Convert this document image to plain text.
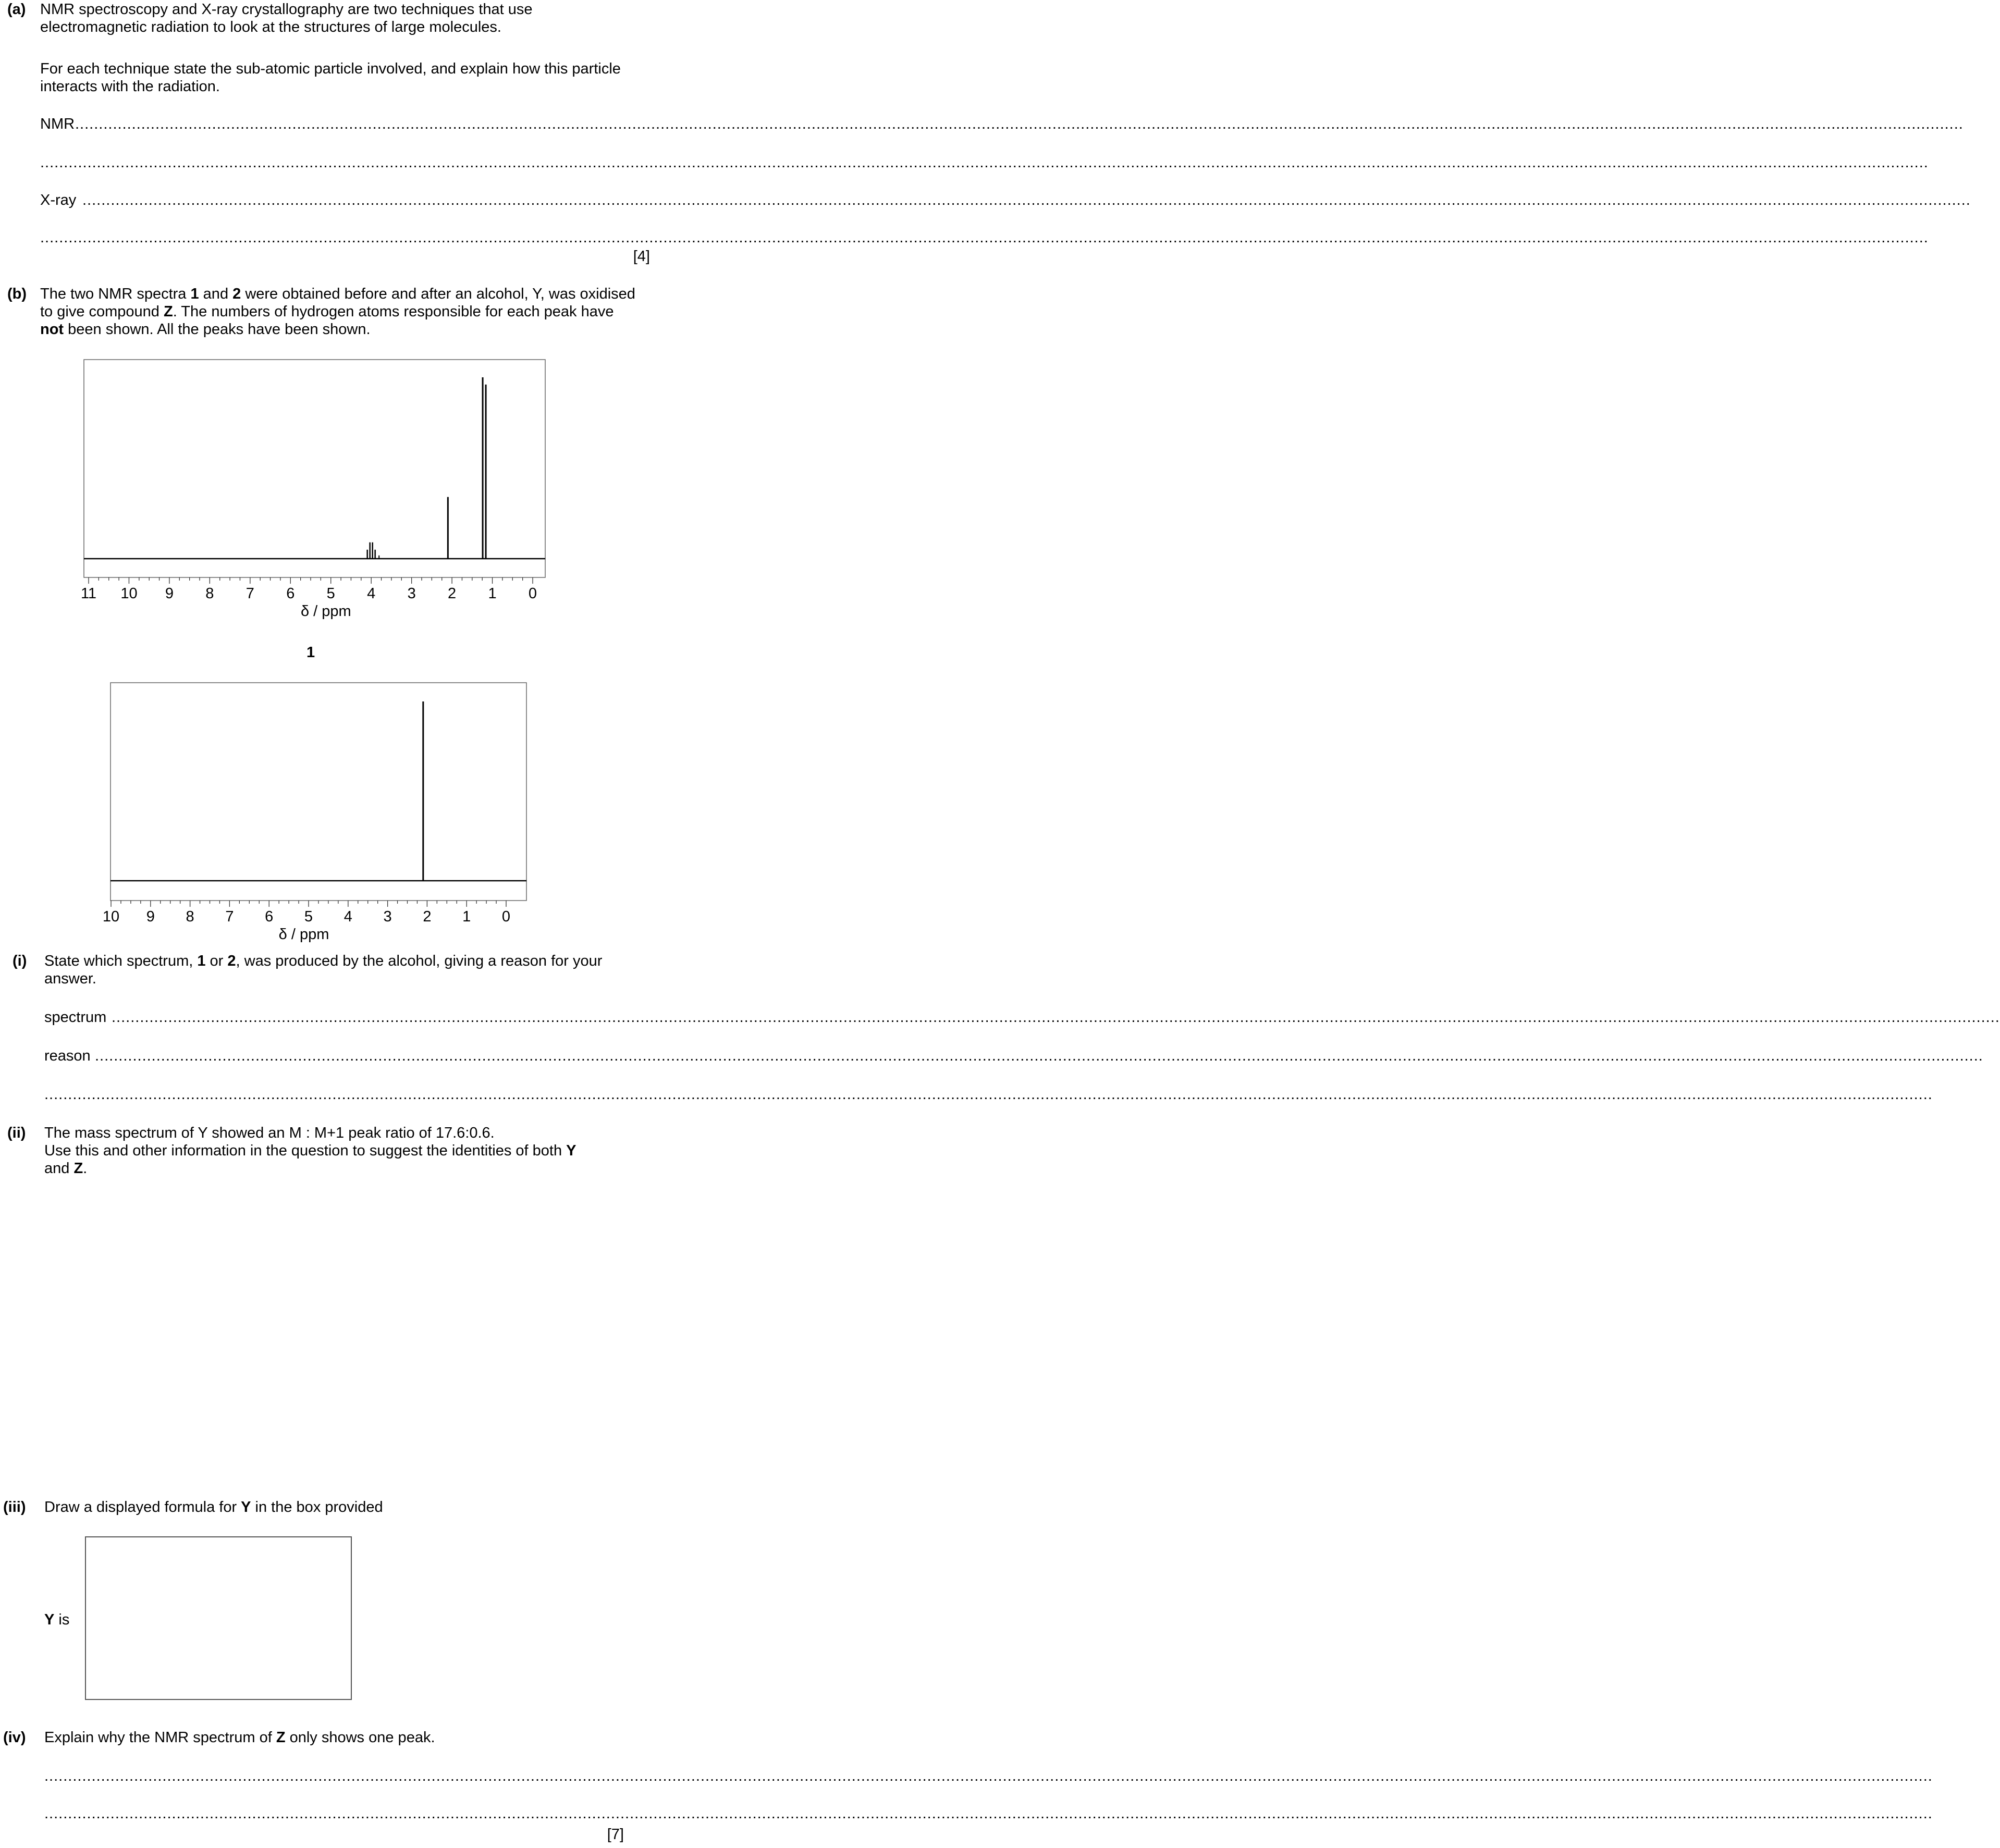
(a) NMR spectroscopy and X-ray crystallography are two techniques that use
electromagnetic radiation to look at the structures of large molecules.
For each technique state the sub-atomic particle involved, and explain how this particle
interacts with the radiation.
NMR ................................................................................................................................................................................................................................................................................................................................................................................................................
................................................................................................................................................................................................................................................................................................................................................................................................................
X-ray ................................................................................................................................................................................................................................................................................................................................................................................................................
................................................................................................................................................................................................................................................................................................................................................................................................................
[4]
(b) The two NMR spectra 1 and 2 were obtained before and after an alcohol, Y, was oxidised
to give compound Z. The numbers of hydrogen atoms responsible for each peak have
not been shown. All the peaks have been shown.
11 10 9 8 7 6 5 4 3 2 1 0
δ / ppm
10 9 8 7 6 5 4 3 2 1 0
δ / ppm
1
(i) State which spectrum, 1 or 2, was produced by the alcohol, giving a reason for your
answer.
spectrum ................................................................................................................................................................................................................................................................................................................................................................................................................
reason ................................................................................................................................................................................................................................................................................................................................................................................................................
................................................................................................................................................................................................................................................................................................................................................................................................................
(ii) The mass spectrum of Y showed an M : M+1 peak ratio of 17.6:0.6.
Use this and other information in the question to suggest the identities of both Y
and Z.
(iii) Draw a displayed formula for Y in the box provided
Y is
(iv) Explain why the NMR spectrum of Z only shows one peak.
................................................................................................................................................................................................................................................................................................................................................................................................................
................................................................................................................................................................................................................................................................................................................................................................................................................
[7]
